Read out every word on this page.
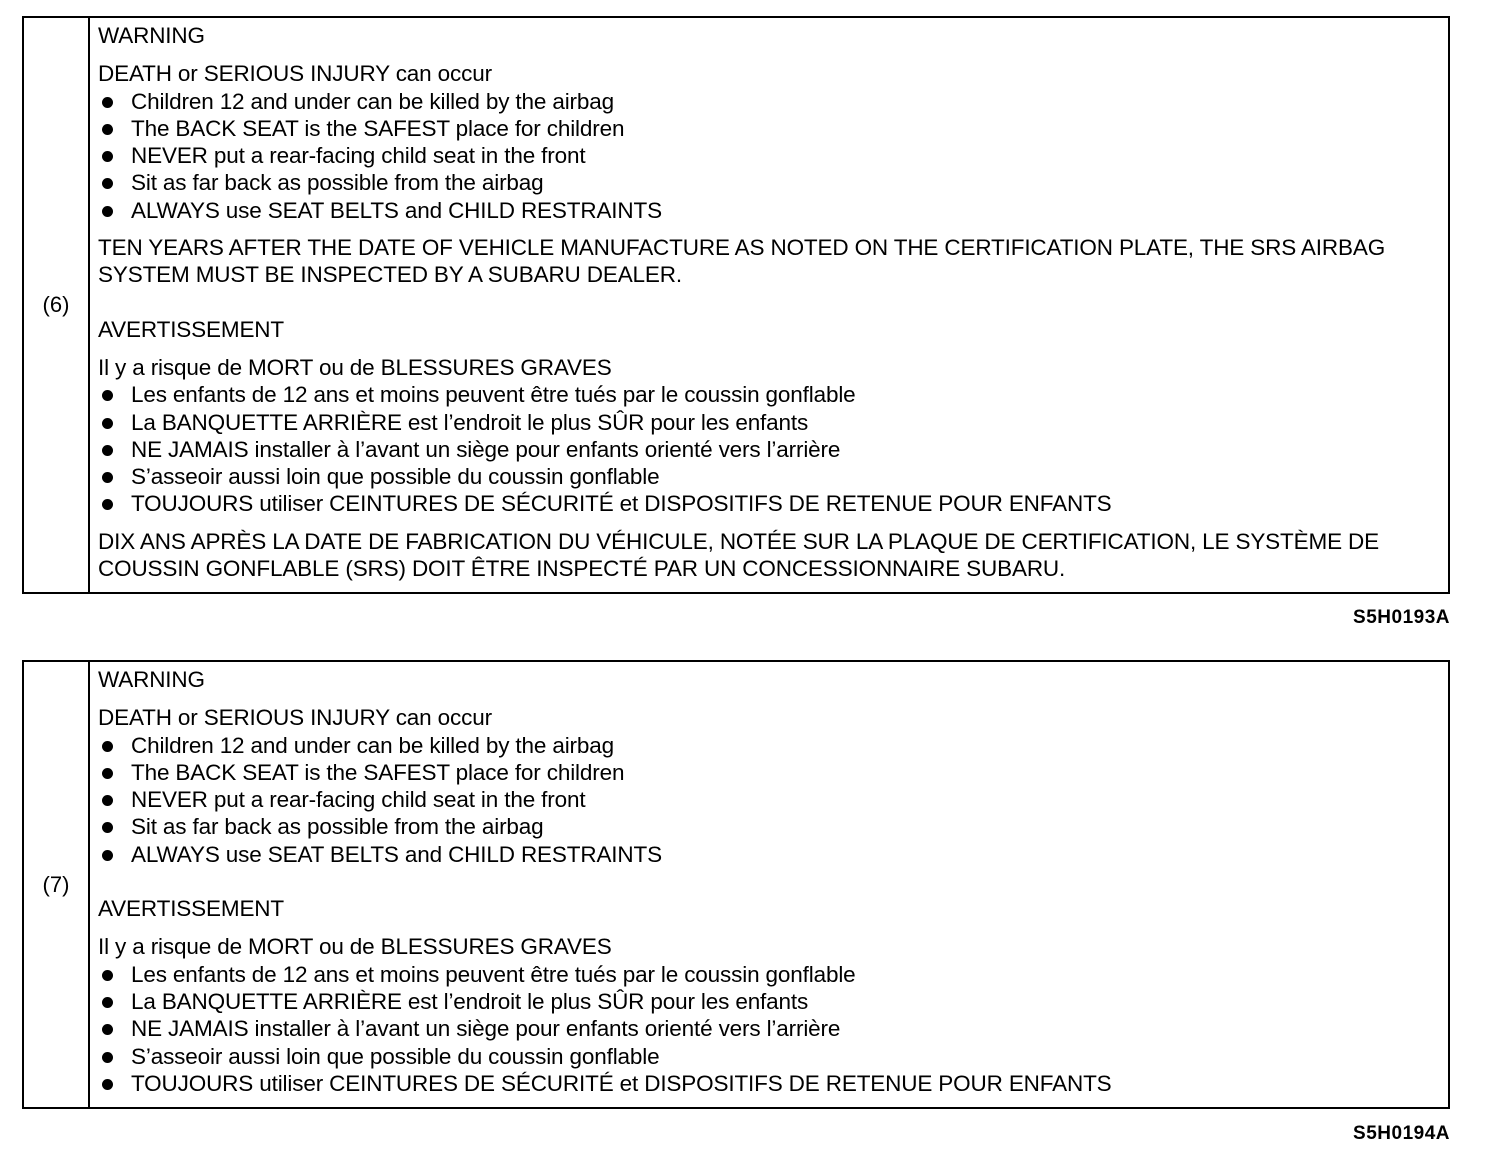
(6)

WARNING

DEATH or SERIOUS INJURY can occur

Children 12 and under can be killed by the airbag
The BACK SEAT is the SAFEST place for children
NEVER put a rear-facing child seat in the front
Sit as far back as possible from the airbag
ALWAYS use SEAT BELTS and CHILD RESTRAINTS

TEN YEARS AFTER THE DATE OF VEHICLE MANUFACTURE AS NOTED ON THE CERTIFICATION PLATE, THE SRS AIRBAG SYSTEM MUST BE INSPECTED BY A SUBARU DEALER.

AVERTISSEMENT

Il y a risque de MORT ou de BLESSURES GRAVES

Les enfants de 12 ans et moins peuvent être tués par le coussin gonflable
La BANQUETTE ARRIÈRE est l’endroit le plus SÛR pour les enfants
NE JAMAIS installer à l’avant un siège pour enfants orienté vers l’arrière
S’asseoir aussi loin que possible du coussin gonflable
TOUJOURS utiliser CEINTURES DE SÉCURITÉ et DISPOSITIFS DE RETENUE POUR ENFANTS

DIX ANS APRÈS LA DATE DE FABRICATION DU VÉHICULE, NOTÉE SUR LA PLAQUE DE CERTIFICATION, LE SYSTÈME DE COUSSIN GONFLABLE (SRS) DOIT ÊTRE INSPECTÉ PAR UN CONCESSIONNAIRE SUBARU.

S5H0193A
(7)

WARNING

DEATH or SERIOUS INJURY can occur

Children 12 and under can be killed by the airbag
The BACK SEAT is the SAFEST place for children
NEVER put a rear-facing child seat in the front
Sit as far back as possible from the airbag
ALWAYS use SEAT BELTS and CHILD RESTRAINTS

AVERTISSEMENT

Il y a risque de MORT ou de BLESSURES GRAVES

Les enfants de 12 ans et moins peuvent être tués par le coussin gonflable
La BANQUETTE ARRIÈRE est l’endroit le plus SÛR pour les enfants
NE JAMAIS installer à l’avant un siège pour enfants orienté vers l’arrière
S’asseoir aussi loin que possible du coussin gonflable
TOUJOURS utiliser CEINTURES DE SÉCURITÉ et DISPOSITIFS DE RETENUE POUR ENFANTS
S5H0194A
